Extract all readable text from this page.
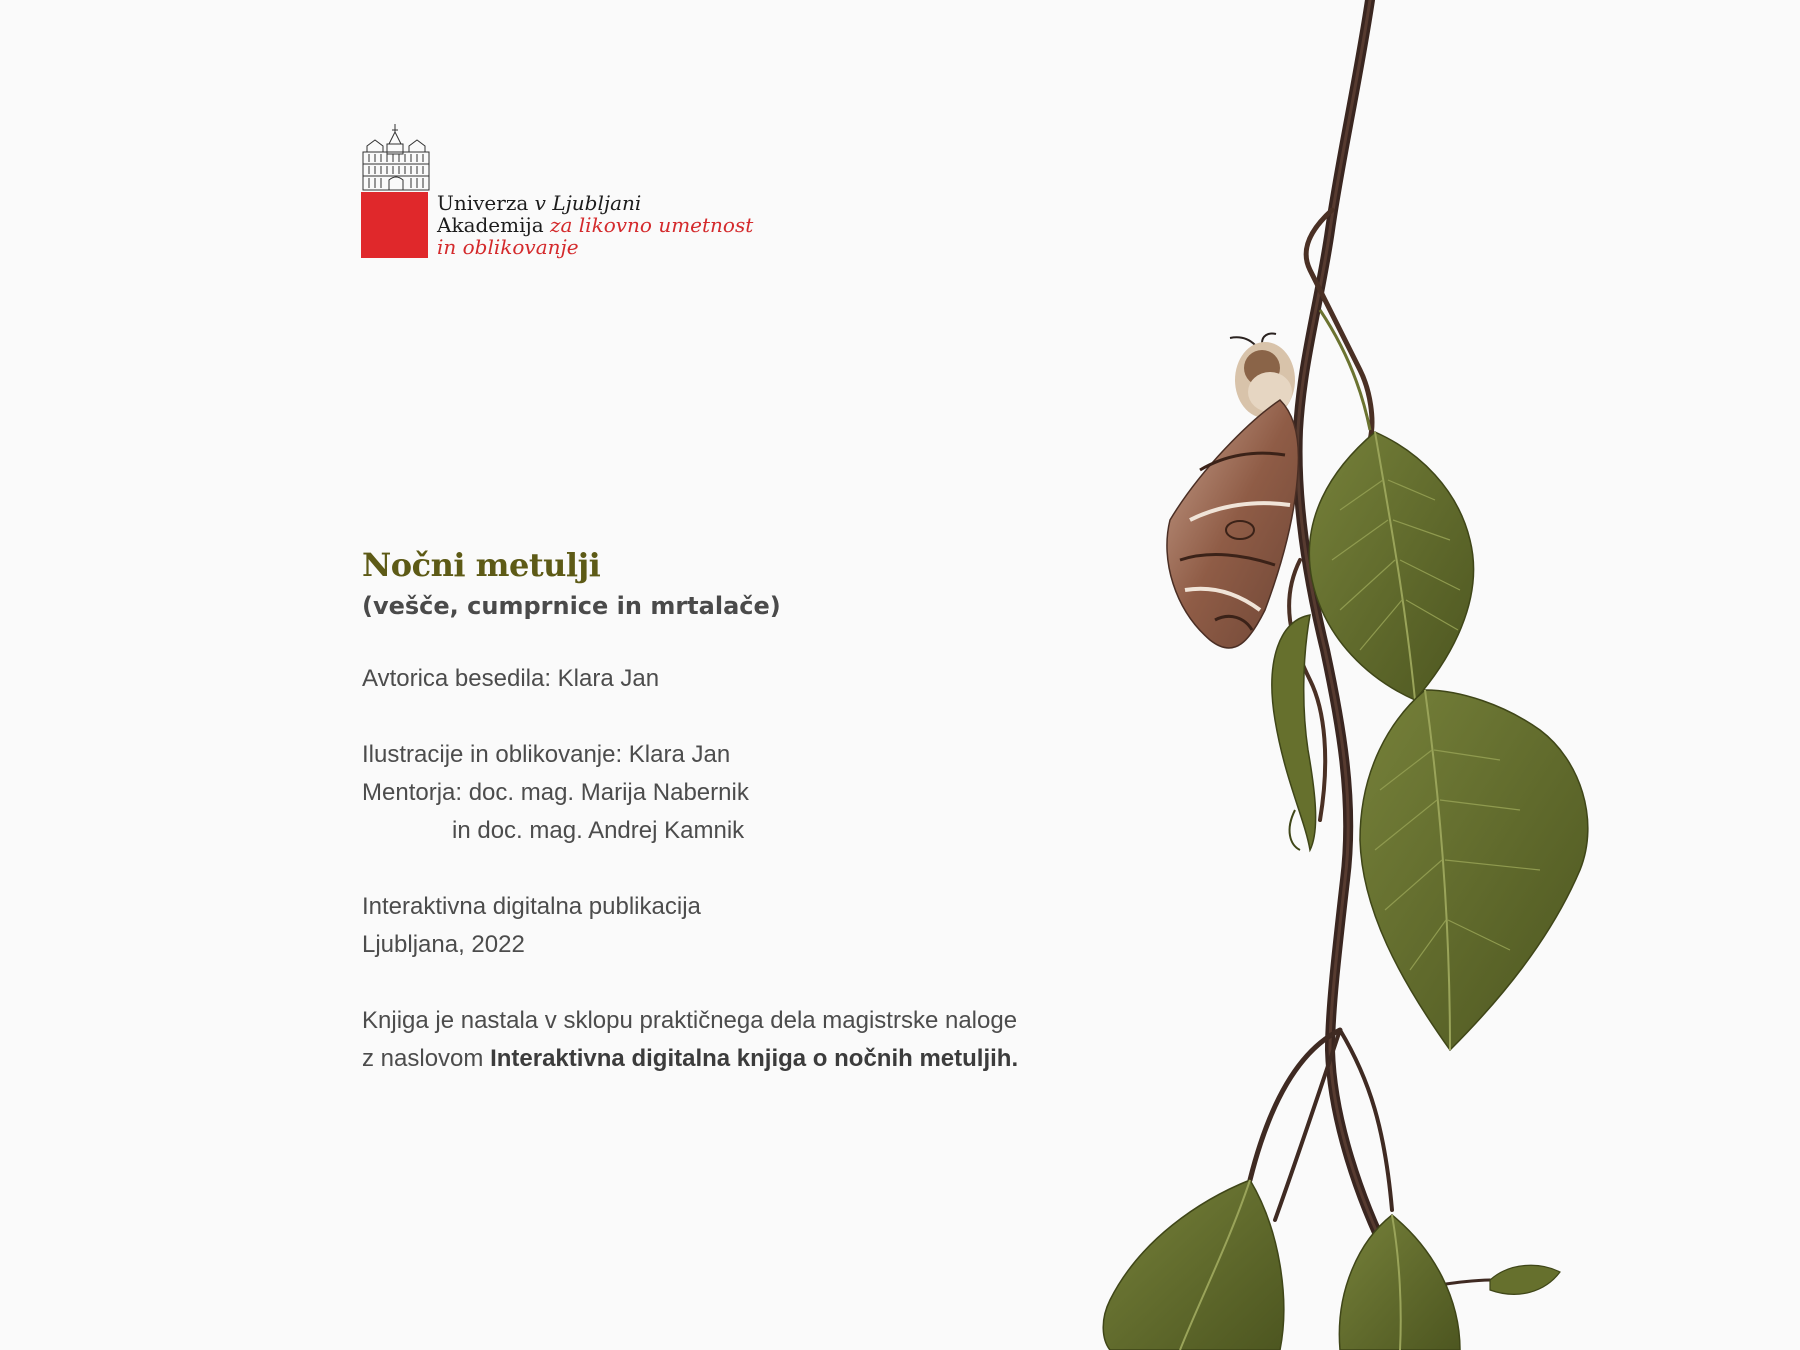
Univerza v Ljubljani
Akademija za likovno umetnost
in oblikovanje
Nočni metulji

(vešče, cumprnice in mrtalače)

Avtorica besedila: Klara Jan

Ilustracije in oblikovanje: Klara Jan

Mentorja: doc. mag. Marija Nabernik

in doc. mag. Andrej Kamnik

Interaktivna digitalna publikacija

Ljubljana, 2022

Knjiga je nastala v sklopu praktičnega dela magistrske naloge

z naslovom Interaktivna digitalna knjiga o nočnih metuljih.
